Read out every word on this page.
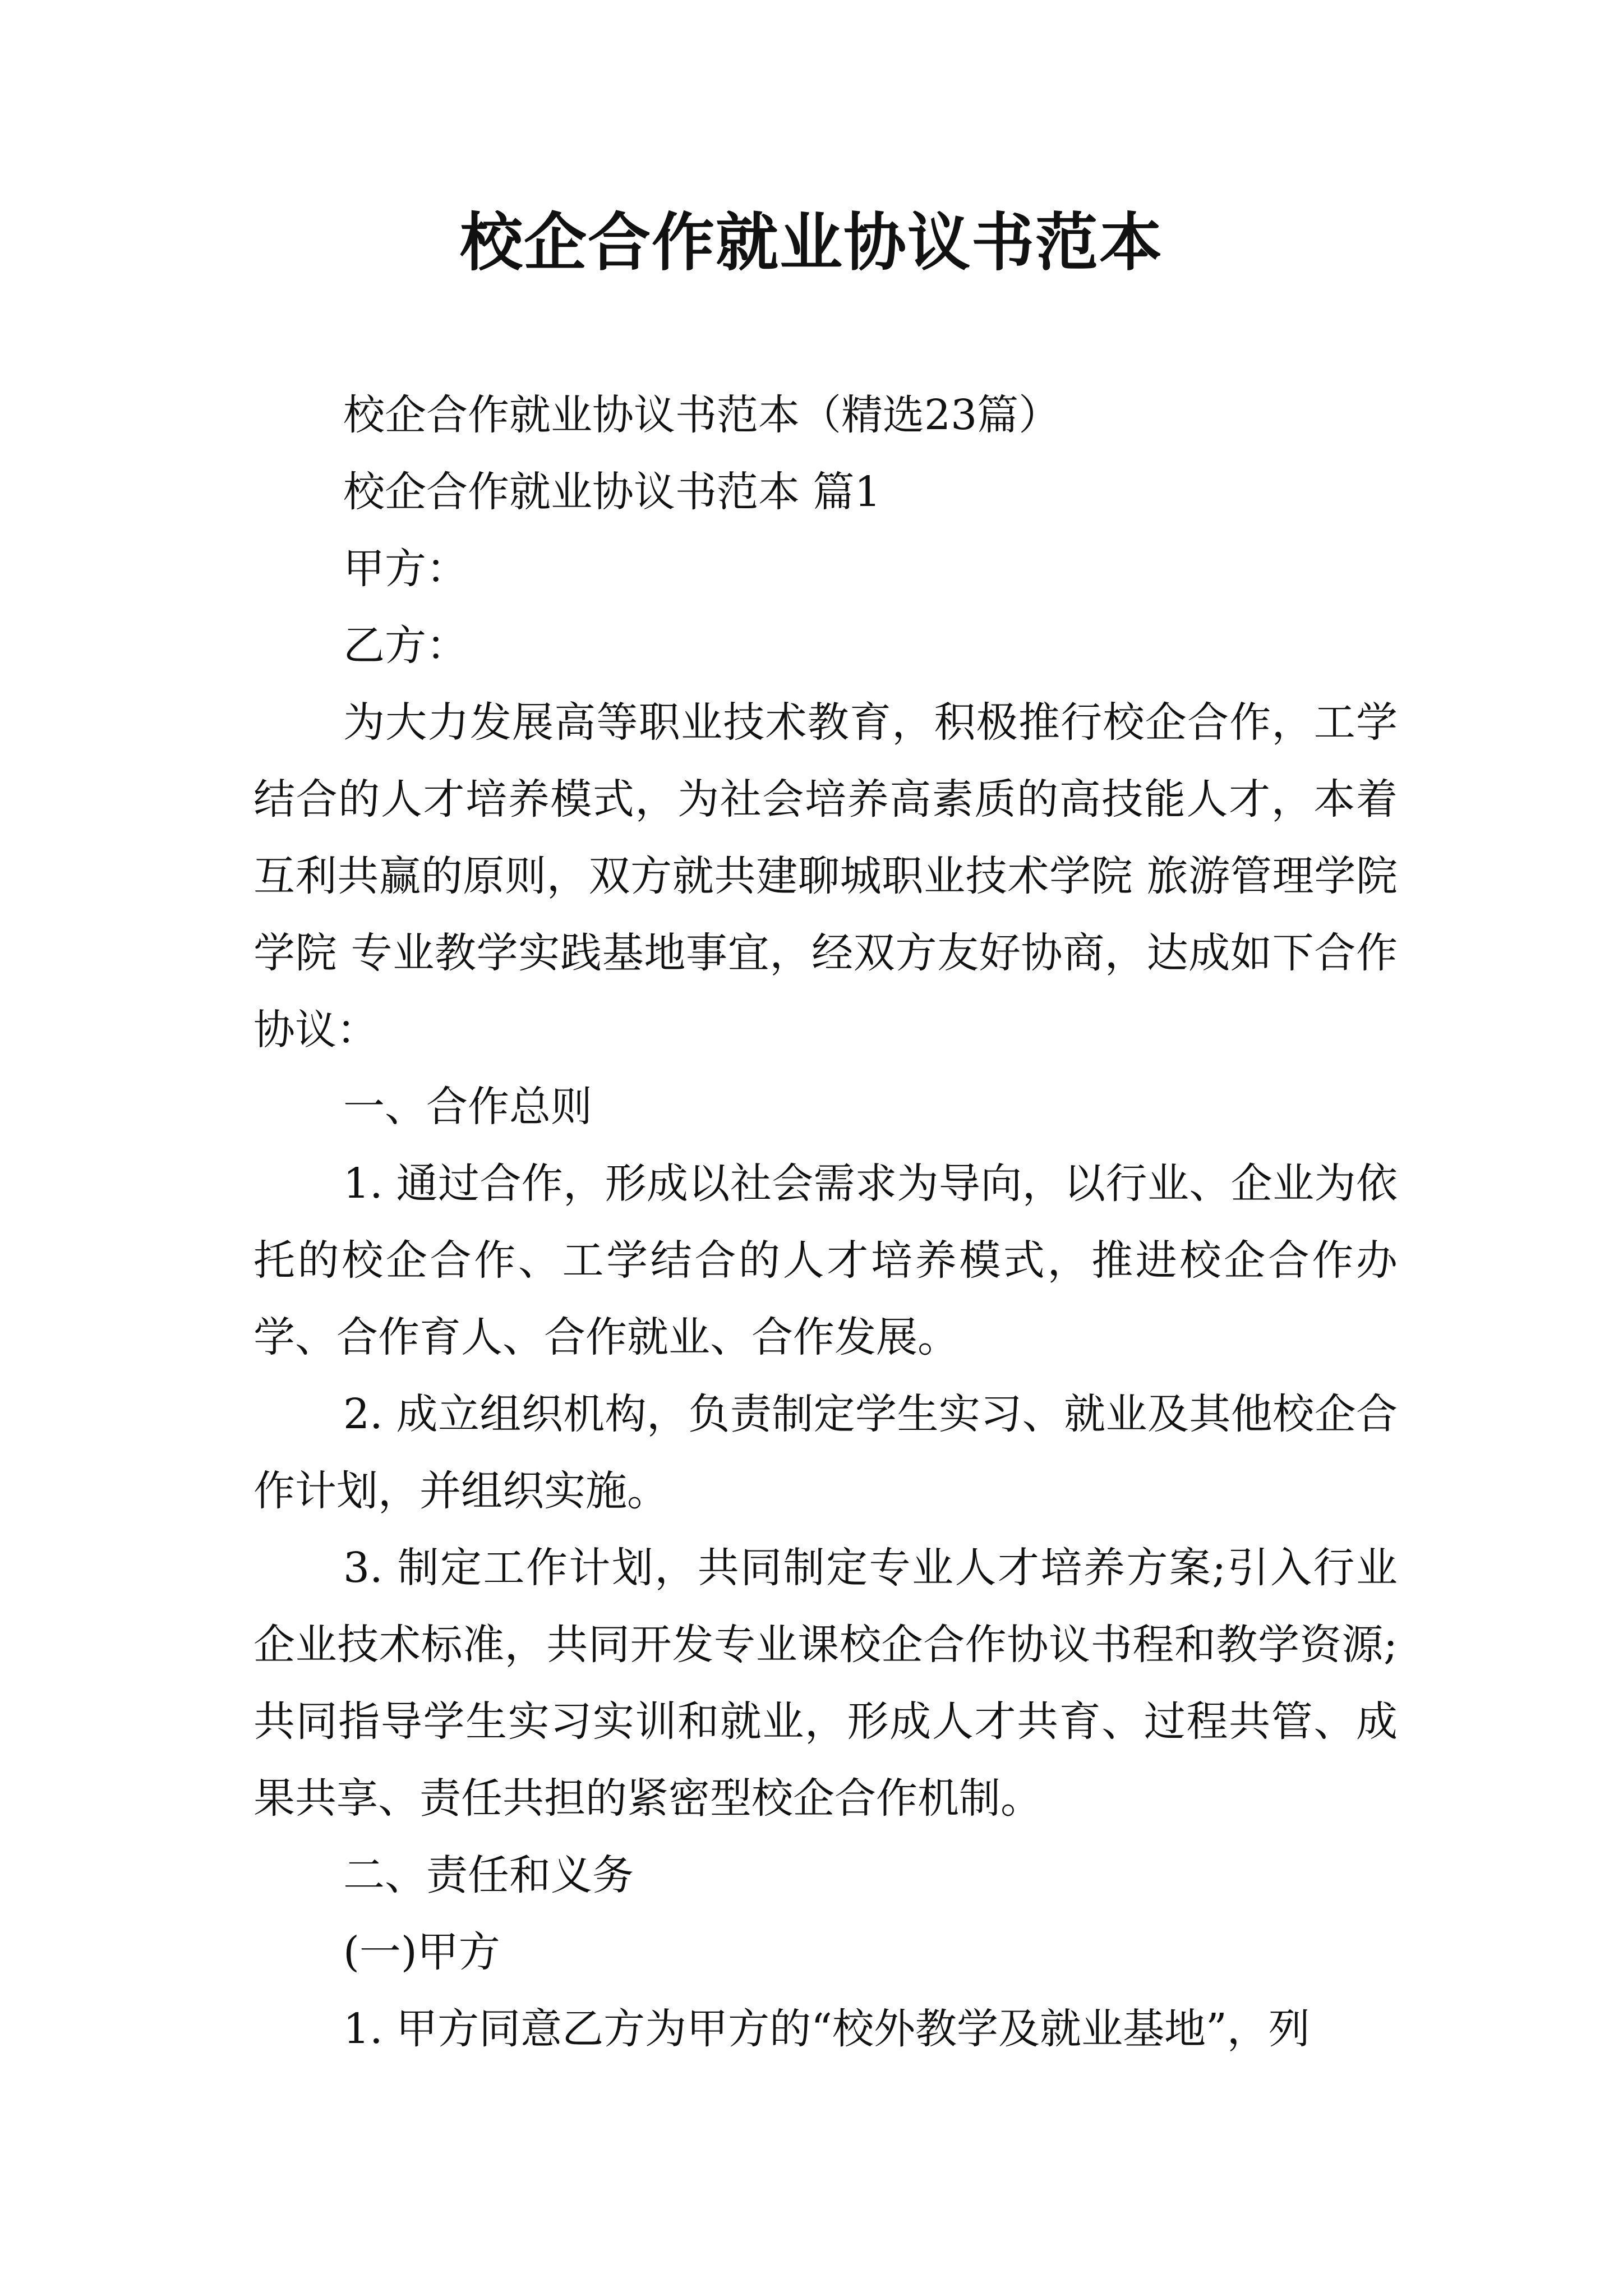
校企合作就业协议书范本

校企合作就业协议书范本（精选23篇）

校企合作就业协议书范本 篇1

甲方：

乙方：

为大力发展高等职业技术教育，积极推行校企合作，工学结合的人才培养模式，为社会培养高素质的高技能人才，本着互利共赢的原则，双方就共建聊城职业技术学院 旅游管理学院 学院 专业教学实践基地事宜，经双方友好协商，达成如下合作协议：

一、合作总则

1. 通过合作，形成以社会需求为导向，以行业、企业为依托的校企合作、工学结合的人才培养模式，推进校企合作办学、合作育人、合作就业、合作发展。

2. 成立组织机构，负责制定学生实习、就业及其他校企合作计划，并组织实施。

3. 制定工作计划，共同制定专业人才培养方案;引入行业企业技术标准，共同开发专业课校企合作协议书程和教学资源;共同指导学生实习实训和就业，形成人才共育、过程共管、成果共享、责任共担的紧密型校企合作机制。

二、责任和义务

(一)甲方

1. 甲方同意乙方为甲方的“校外教学及就业基地”，列
